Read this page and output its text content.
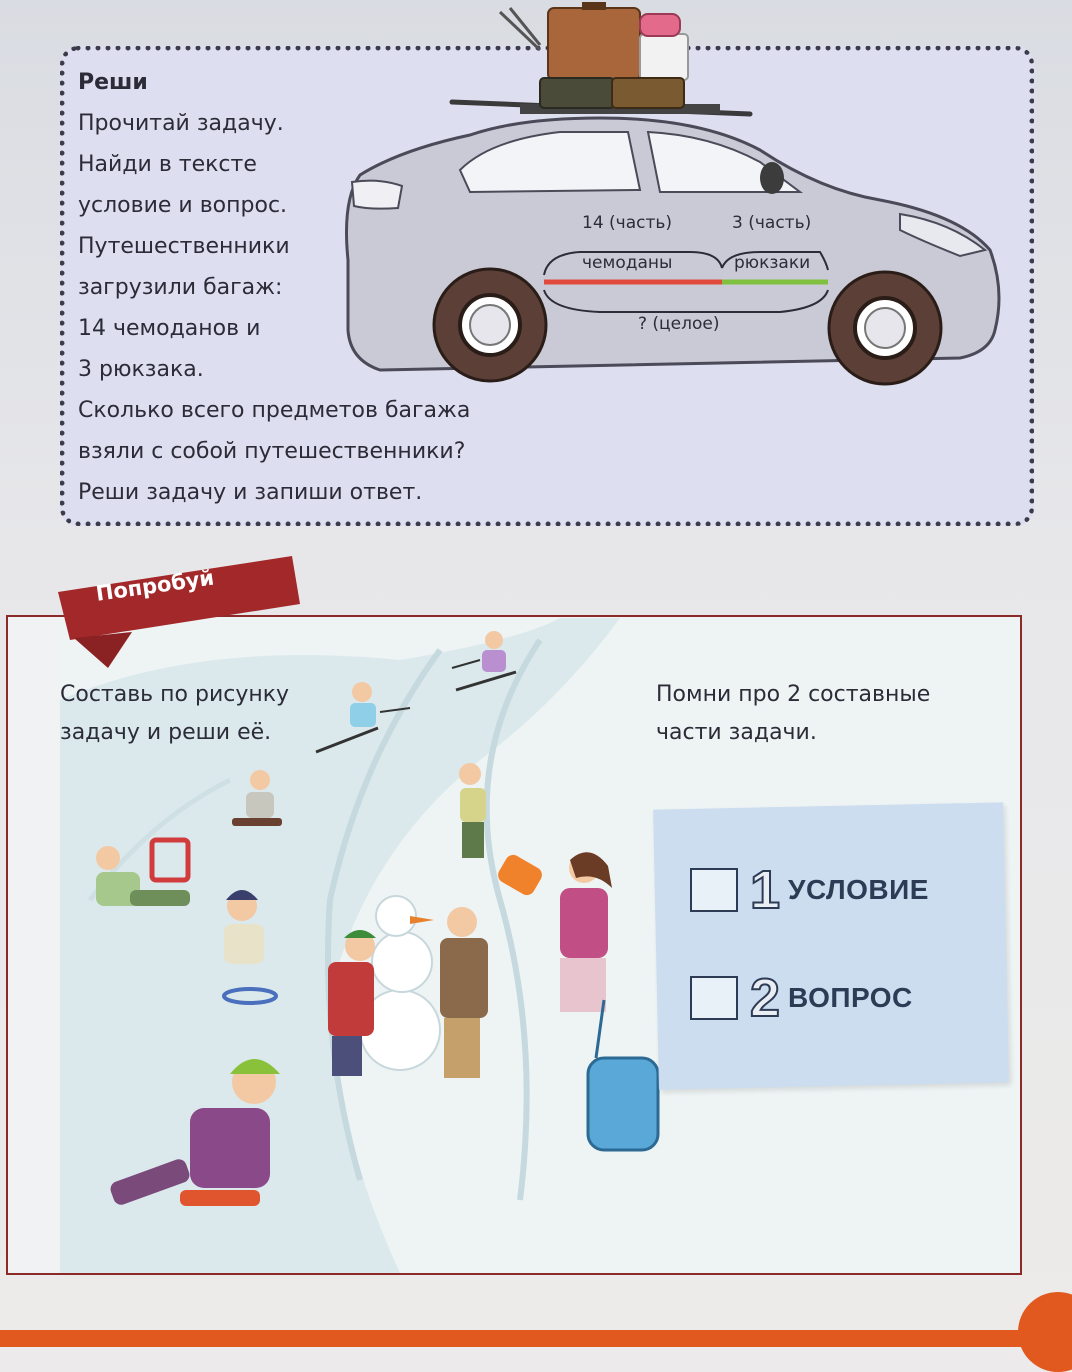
14 (часть)	3 (часть)
чемоданы	рюкзаки
? (целое)
Реши
Прочитай задачу.
Найди в тексте
условие и вопрос.
Путешественники
загрузили багаж:
14 чемоданов и
3 рюкзака.
Сколько всего предметов багажа
взяли с собой путешественники?
Реши задачу и запиши ответ.
Попробуй
Составь по рисунку
задачу и реши её.
Помни про 2 составные
части задачи.
1 УСЛОВИЕ
2 ВОПРОС
